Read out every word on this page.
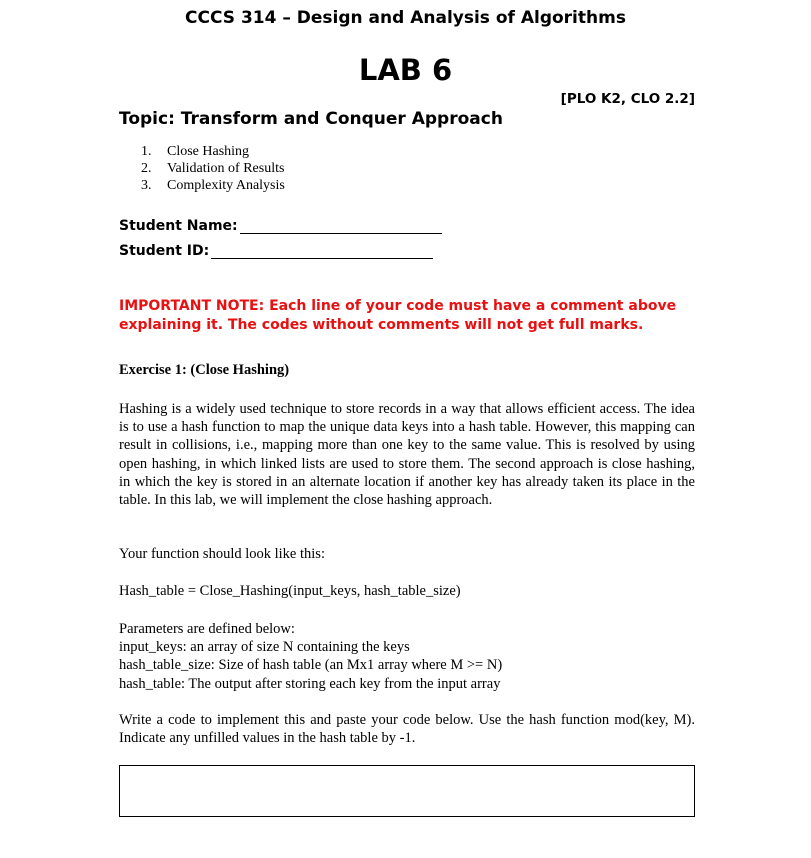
CCCS 314 – Design and Analysis of Algorithms
LAB 6
[PLO K2, CLO 2.2]
Topic: Transform and Conquer Approach
1.	Close Hashing
2.	Validation of Results
3.	Complexity Analysis
Student Name:
Student ID:
IMPORTANT NOTE: Each line of your code must have a comment above explaining it. The codes without comments will not get full marks.
Exercise 1: (Close Hashing)

Hashing is a widely used technique to store records in a way that allows efficient access. The idea is to use a hash function to map the unique data keys into a hash table. However, this mapping can result in collisions, i.e., mapping more than one key to the same value. This is resolved by using open hashing, in which linked lists are used to store them. The second approach is close hashing, in which the key is stored in an alternate location if another key has already taken its place in the table. In this lab, we will implement the close hashing approach.

Your function should look like this:

Hash_table = Close_Hashing(input_keys, hash_table_size)

Parameters are defined below:
input_keys: an array of size N containing the keys
hash_table_size: Size of hash table (an Mx1 array where M >= N)
hash_table: The output after storing each key from the input array

Write a code to implement this and paste your code below. Use the hash function mod(key, M). Indicate any unfilled values in the hash table by -1.
